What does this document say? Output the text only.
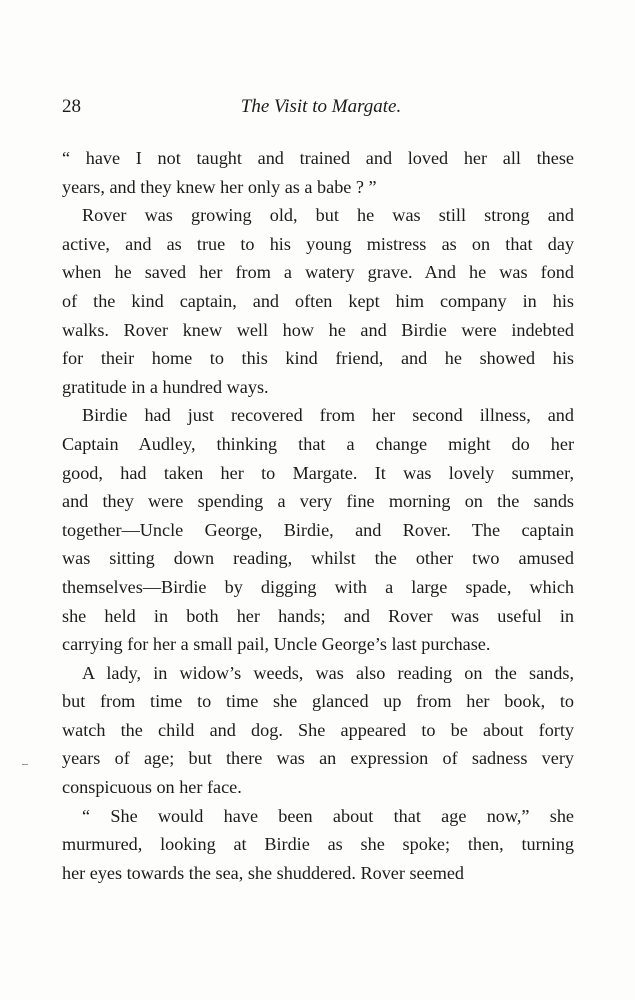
28	The Visit to Margate.
“ have I not taught and trained and loved her all these
years, and they knew her only as a babe ? ”
Rover was growing old, but he was still strong and
active, and as true to his young mistress as on that day
when he saved her from a watery grave. And he was fond
of the kind captain, and often kept him company in his
walks. Rover knew well how he and Birdie were indebted
for their home to this kind friend, and he showed his
gratitude in a hundred ways.
Birdie had just recovered from her second illness, and
Captain Audley, thinking that a change might do her
good, had taken her to Margate. It was lovely summer,
and they were spending a very fine morning on the sands
together—Uncle George, Birdie, and Rover. The captain
was sitting down reading, whilst the other two amused
themselves—Birdie by digging with a large spade, which
she held in both her hands; and Rover was useful in
carrying for her a small pail, Uncle George’s last purchase.
A lady, in widow’s weeds, was also reading on the sands,
but from time to time she glanced up from her book, to
watch the child and dog. She appeared to be about forty
years of age; but there was an expression of sadness very
conspicuous on her face.
“ She would have been about that age now,” she
murmured, looking at Birdie as she spoke; then, turning
her eyes towards the sea, she shuddered. Rover seemed
